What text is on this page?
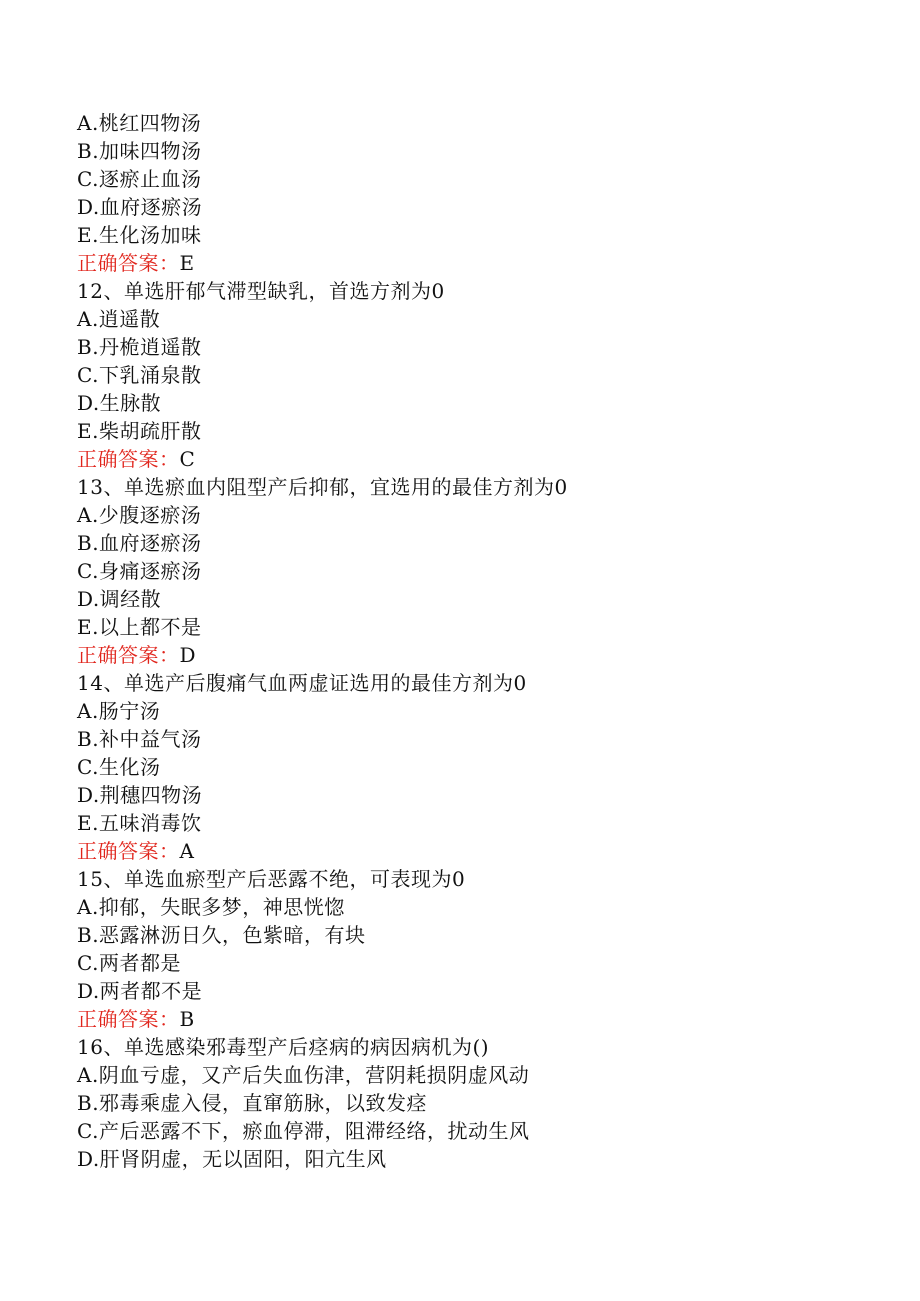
A.桃红四物汤
B.加味四物汤
C.逐瘀止血汤
D.血府逐瘀汤
E.生化汤加味
正确答案：E
12、单选肝郁气滞型缺乳，首选方剂为0
A.逍遥散
B.丹桅逍遥散
C.下乳涌泉散
D.生脉散
E.柴胡疏肝散
正确答案：C
13、单选瘀血内阻型产后抑郁，宜选用的最佳方剂为0
A.少腹逐瘀汤
B.血府逐瘀汤
C.身痛逐瘀汤
D.调经散
E.以上都不是
正确答案：D
14、单选产后腹痛气血两虚证选用的最佳方剂为0
A.肠宁汤
B.补中益气汤
C.生化汤
D.荆穗四物汤
E.五味消毒饮
正确答案：A
15、单选血瘀型产后恶露不绝，可表现为0
A.抑郁，失眠多梦，神思恍惚
B.恶露淋沥日久，色紫暗，有块
C.两者都是
D.两者都不是
正确答案：B
16、单选感染邪毒型产后痉病的病因病机为()
A.阴血亏虚，又产后失血伤津，营阴耗损阴虚风动
B.邪毒乘虚入侵，直窜筋脉，以致发痉
C.产后恶露不下，瘀血停滞，阻滞经络，扰动生风
D.肝肾阴虚，无以固阳，阳亢生风
